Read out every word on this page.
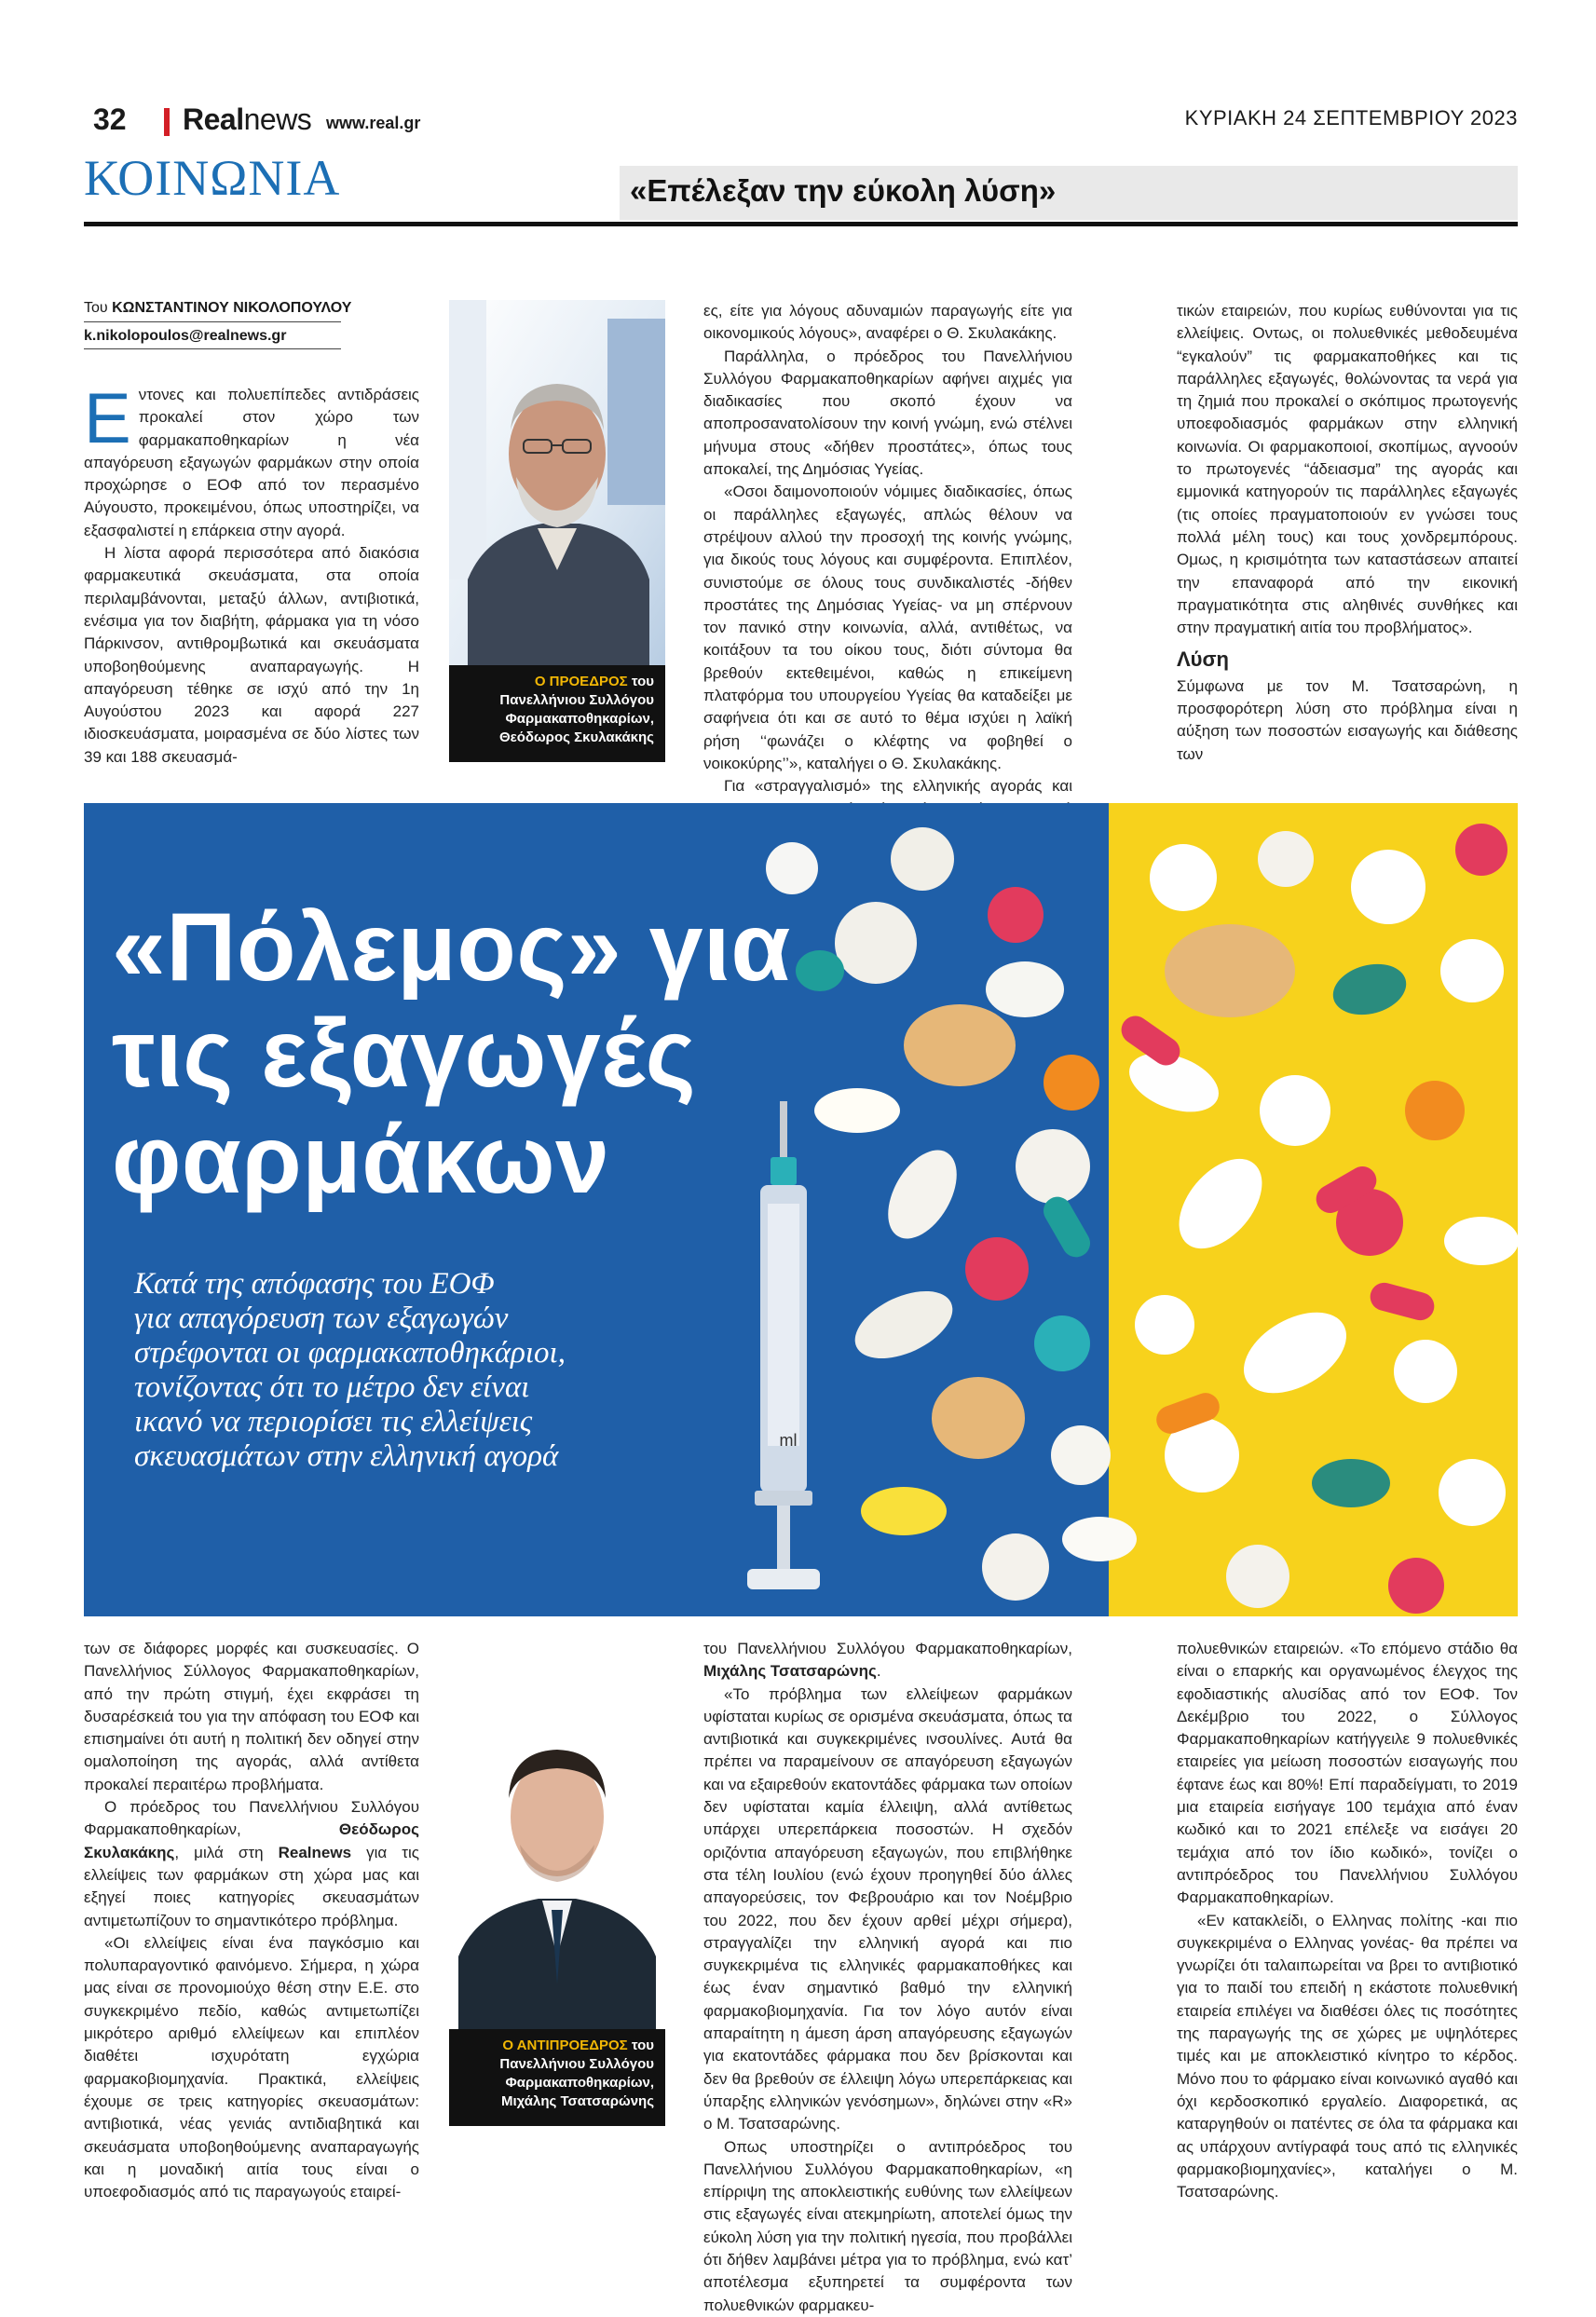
32 Realnews www.real.gr	ΚΥΡΙΑΚΗ 24 ΣΕΠΤΕΜΒΡΙΟΥ 2023
ΚΟΙΝΩΝΙΑ	«Επέλεξαν την εύκολη λύση»
Του ΚΩΝΣΤΑΝΤΙΝΟΥ ΝΙΚΟΛΟΠΟΥΛΟΥ
k.nikolopoulos@realnews.gr

Εντονες και πολυεπίπεδες αντιδράσεις προκαλεί στον χώρο των φαρμακαποθηκαρίων η νέα απαγόρευση εξαγωγών φαρμάκων στην οποία προχώρησε ο ΕΟΦ από τον περασμένο Αύγουστο, προκειμένου, όπως υποστηρίζει, να εξασφαλιστεί η επάρκεια στην αγορά.

Η λίστα αφορά περισσότερα από διακόσια φαρμακευτικά σκευάσματα, στα οποία περιλαμβάνονται, μεταξύ άλλων, αντιβιοτικά, ενέσιμα για τον διαβήτη, φάρμακα για τη νόσο Πάρκινσον, αντιθρομβωτικά και σκευάσματα υποβοηθούμενης αναπαραγωγής. Η απαγόρευση τέθηκε σε ισχύ από την 1η Αυγούστου 2023 και αφορά 227 ιδιοσκευάσματα, μοιρασμένα σε δύο λίστες των 39 και 188 σκευασμά-

Ο ΠΡΟΕΔΡΟΣ του
Πανελλήνιου Συλλόγου
Φαρμακαποθηκαρίων,
Θεόδωρος Σκυλακάκης

ες, είτε για λόγους αδυναμιών παραγωγής είτε για οικονομικούς λόγους», αναφέρει ο Θ. Σκυλακάκης.

Παράλληλα, ο πρόεδρος του Πανελλήνιου Συλλόγου Φαρμακαποθηκαρίων αφήνει αιχμές για διαδικασίες που σκοπό έχουν να αποπροσανατολίσουν την κοινή γνώμη, ενώ στέλνει μήνυμα στους «δήθεν προστάτες», όπως τους αποκαλεί, της Δημόσιας Υγείας.

«Οσοι δαιμονοποιούν νόμιμες διαδικασίες, όπως οι παράλληλες εξαγωγές, απλώς θέλουν να στρέψουν αλλού την προσοχή της κοινής γνώμης, για δικούς τους λόγους και συμφέροντα. Επιπλέον, συνιστούμε σε όλους τους συνδικαλιστές -δήθεν προστάτες της Δημόσιας Υγείας- να μη σπέρνουν τον πανικό στην κοινωνία, αλλά, αντιθέτως, να κοιτάξουν τα του οίκου τους, διότι σύντομα θα βρεθούν εκτεθειμένοι, καθώς η επικείμενη πλατφόρμα του υπουργείου Υγείας θα καταδείξει με σαφήνεια ότι και σε αυτό το θέμα ισχύει η λαϊκή ρήση ‘‘φωνάζει ο κλέφτης να φοβηθεί ο νοικοκύρης’’», καταλήγει ο Θ. Σκυλακάκης.

Για «στραγγαλισμό» της ελληνικής αγοράς και

τικών εταιρειών, που κυρίως ευθύνονται για τις ελλείψεις. Οντως, οι πολυεθνικές μεθοδευμένα “εγκαλούν” τις φαρμακαποθήκες και τις παράλληλες εξαγωγές, θολώνοντας τα νερά για τη ζημιά που προκαλεί ο σκόπιμος πρωτογενής υποεφοδιασμός φαρμάκων στην ελληνική κοινωνία. Οι φαρμακοποιοί, σκοπίμως, αγνοούν το πρωτογενές “άδειασμα” της αγοράς και εμμονικά κατηγορούν τις παράλληλες εξαγωγές (τις οποίες πραγματοποιούν εν γνώσει τους πολλά μέλη τους) και τους χονδρεμπόρους. Ομως, η κρισιμότητα των καταστάσεων απαιτεί την επαναφορά από την εικονική πραγματικότητα στις αληθινές συνθήκες και στην πραγματική αιτία του προβλήματος».

Λύση

Σύμφωνα με τον Μ. Τσατσαρώνη, η προσφορότερη λύση στο πρόβλημα είναι η αύξηση των ποσοστών εισαγωγής και διάθεσης των

ml
«Πόλεμος» για
τις εξαγωγές
φαρμάκων
Κατά της απόφασης του ΕΟΦ
για απαγόρευση των εξαγωγών
στρέφονται οι φαρμακαποθηκάριοι,
τονίζοντας ότι το μέτρο δεν είναι
ικανό να περιορίσει τις ελλείψεις
σκευασμάτων στην ελληνική αγορά

των σε διάφορες μορφές και συσκευασίες. Ο Πανελλήνιος Σύλλογος Φαρμακαποθηκαρίων, από την πρώτη στιγμή, έχει εκφράσει τη δυσαρέσκειά του για την απόφαση του ΕΟΦ και επισημαίνει ότι αυτή η πολιτική δεν οδηγεί στην ομαλοποίηση της αγοράς, αλλά αντίθετα προκαλεί περαιτέρω προβλήματα.

Ο πρόεδρος του Πανελλήνιου Συλλόγου Φαρμακαποθηκαρίων, Θεόδωρος Σκυλακάκης, μιλά στη Realnews για τις ελλείψεις των φαρμάκων στη χώρα μας και εξηγεί ποιες κατηγορίες σκευασμάτων αντιμετωπίζουν το σημαντικότερο πρόβλημα.

«Οι ελλείψεις είναι ένα παγκόσμιο και πολυπαραγοντικό φαινόμενο. Σήμερα, η χώρα μας είναι σε προνομιούχο θέση στην Ε.Ε. στο συγκεκριμένο πεδίο, καθώς αντιμετωπίζει μικρότερο αριθμό ελλείψεων και επιπλέον διαθέτει ισχυρότατη εγχώρια φαρμακοβιομηχανία. Πρακτικά, ελλείψεις έχουμε σε τρεις κατηγορίες σκευασμάτων: αντιβιοτικά, νέας γενιάς αντιδιαβητικά και σκευάσματα υποβοηθούμενης αναπαραγωγής και η μοναδική αιτία τους είναι ο υποεφοδιασμός από τις παραγωγούς εταιρεί-

Ο ΑΝΤΙΠΡΟΕΔΡΟΣ του
Πανελλήνιου Συλλόγου
Φαρμακαποθηκαρίων,
Μιχάλης Τσατσαρώνης

του Πανελλήνιου Συλλόγου Φαρμακαποθηκαρίων, Μιχάλης Τσατσαρώνης.

«Το πρόβλημα των ελλείψεων φαρμάκων υφίσταται κυρίως σε ορισμένα σκευάσματα, όπως τα αντιβιοτικά και συγκεκριμένες ινσουλίνες. Αυτά θα πρέπει να παραμείνουν σε απαγόρευση εξαγωγών και να εξαιρεθούν εκατοντάδες φάρμακα των οποίων δεν υφίσταται καμία έλλειψη, αλλά αντίθετως υπάρχει υπερεπάρκεια ποσοστών. Η σχεδόν οριζόντια απαγόρευση εξαγωγών, που επιβλήθηκε στα τέλη Ιουλίου (ενώ έχουν προηγηθεί δύο άλλες απαγορεύσεις, τον Φεβρουάριο και τον Νοέμβριο του 2022, που δεν έχουν αρθεί μέχρι σήμερα), στραγγαλίζει την ελληνική αγορά και πιο συγκεκριμένα τις ελληνικές φαρμακαποθήκες και έως έναν σημαντικό βαθμό την ελληνική φαρμακοβιομηχανία. Για τον λόγο αυτόν είναι απαραίτητη η άμεση άρση απαγόρευσης εξαγωγών για εκατοντάδες φάρμακα που δεν βρίσκονται και δεν θα βρεθούν σε έλλειψη λόγω υπερεπάρκειας και ύπαρξης ελληνικών γενόσημων», δηλώνει στην «R» ο Μ. Τσατσαρώνης.

Οπως υποστηρίζει ο αντιπρόεδρος του Πανελλήνιου Συλλόγου Φαρμακαποθηκαρίων, «η επίρριψη της αποκλειστικής ευθύνης των ελλείψεων στις εξαγωγές είναι ατεκμηρίωτη, αποτελεί όμως την εύκολη λύση για την πολιτική ηγεσία, που προβάλλει ότι δήθεν λαμβάνει μέτρα για το πρόβλημα, ενώ κατ’ αποτέλεσμα εξυπηρετεί τα συμφέροντα των πολυεθνικών φαρμακευ-

πολυεθνικών εταιρειών. «Το επόμενο στάδιο θα είναι ο επαρκής και οργανωμένος έλεγχος της εφοδιαστικής αλυσίδας από τον ΕΟΦ. Τον Δεκέμβριο του 2022, ο Σύλλογος Φαρμακαποθηκαρίων κατήγγειλε 9 πολυεθνικές εταιρείες για μείωση ποσοστών εισαγωγής που έφτανε έως και 80%! Επί παραδείγματι, το 2019 μια εταιρεία εισήγαγε 100 τεμάχια από έναν κωδικό και το 2021 επέλεξε να εισάγει 20 τεμάχια από τον ίδιο κωδικό», τονίζει ο αντιπρόεδρος του Πανελλήνιου Συλλόγου Φαρμακαποθηκαρίων.

«Εν κατακλείδι, ο Ελληνας πολίτης -και πιο συγκεκριμένα ο Ελληνας γονέας- θα πρέπει να γνωρίζει ότι ταλαιπωρείται να βρει το αντιβιοτικό για το παιδί του επειδή η εκάστοτε πολυεθνική εταιρεία επιλέγει να διαθέσει όλες τις ποσότητες της παραγωγής της σε χώρες με υψηλότερες τιμές και με αποκλειστικό κίνητρο το κέρδος. Μόνο που το φάρμακο είναι κοινωνικό αγαθό και όχι κερδοσκοπικό εργαλείο. Διαφορετικά, ας καταργηθούν οι πατέντες σε όλα τα φάρμακα και ας υπάρχουν αντίγραφά τους από τις ελληνικές φαρμακοβιομηχανίες», καταλήγει ο Μ. Τσατσαρώνης.
